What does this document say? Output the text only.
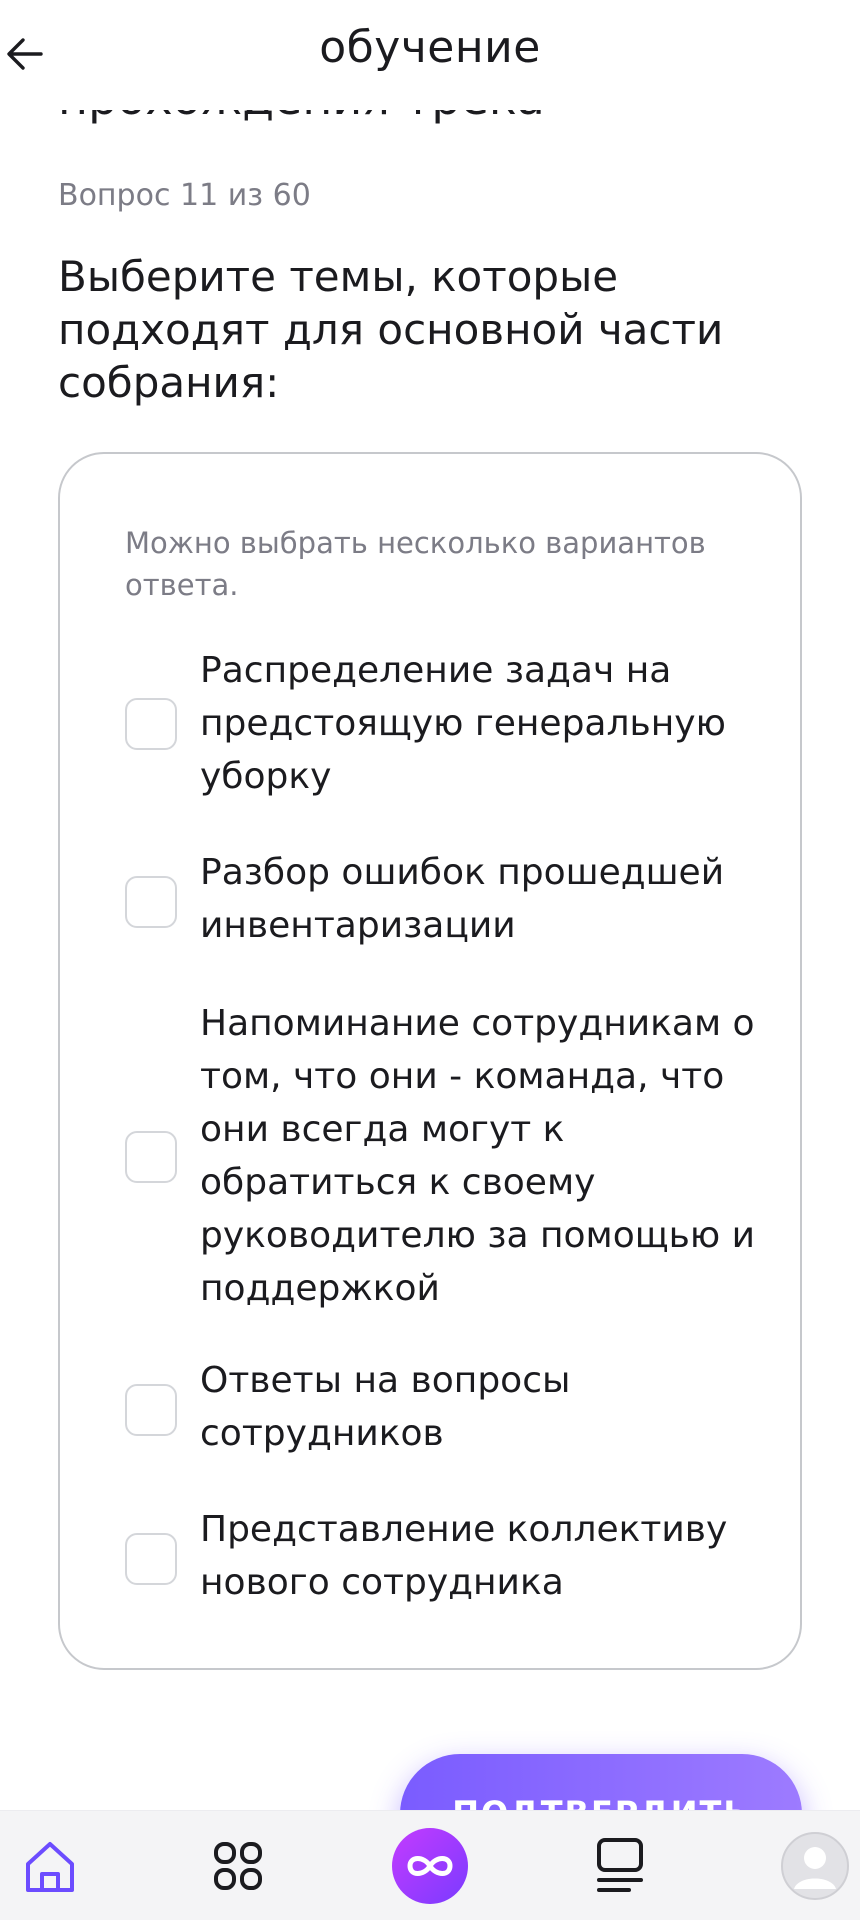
Вопрос 11 из 60
Выберите темы, которые подходят для основной части собрания:
Можно выбрать несколько вариантов ответа.
Распределение задач на предстоящую генеральную уборку
Разбор ошибок прошедшей инвентаризации
Напоминание сотрудникам о том, что они - команда, что они всегда могут к обратиться к своему руководителю за помощью и поддержкой
Ответы на вопросы сотрудников
Представление коллективу нового сотрудника
обучение
